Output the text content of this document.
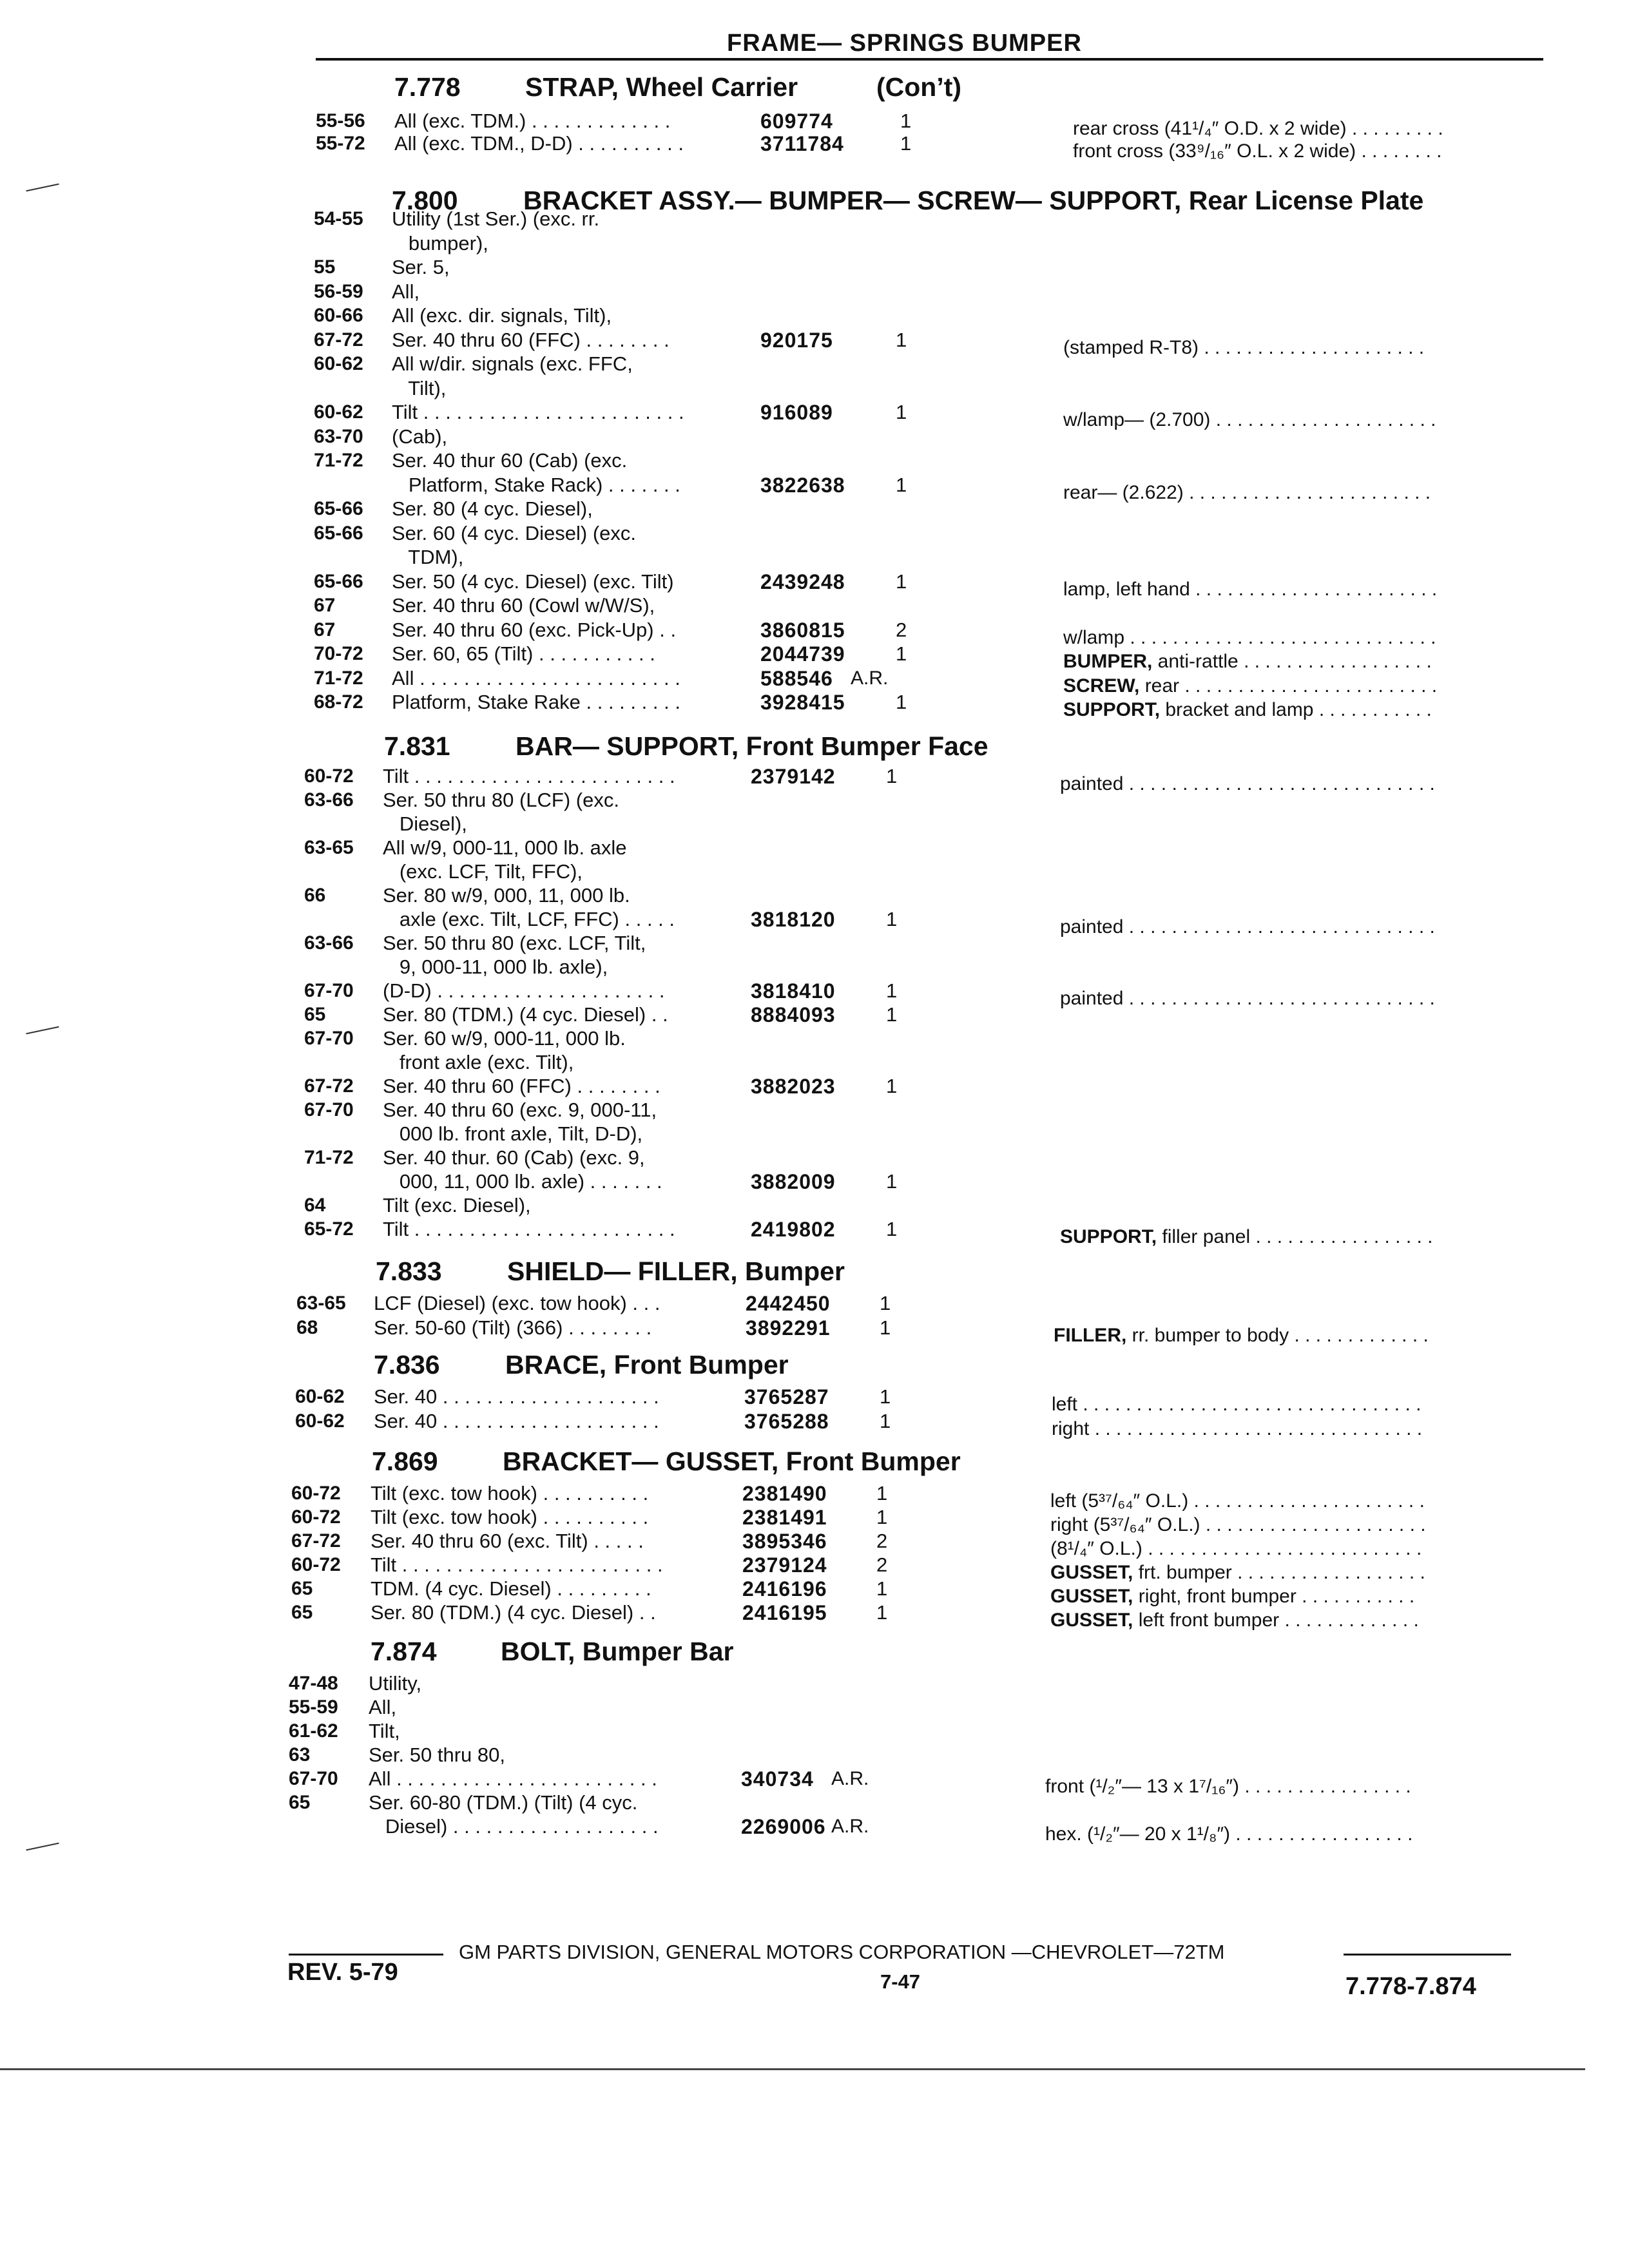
FRAME— SPRINGS BUMPER
7.778 STRAP, Wheel Carrier	(Con’t)
55-56 All (exc. TDM.) . . . . . . . . . . . . .	609774	1	rear cross (41¹/₄″ O.D. x 2 wide) . . . . . . . . .
55-72 All (exc. TDM., D-D) . . . . . . . . . .	3711784	1	front cross (33⁹/₁₆″ O.L. x 2 wide) . . . . . . . .
7.800 BRACKET ASSY.— BUMPER— SCREW— SUPPORT, Rear License Plate
54-55 Utility (1st Ser.) (exc. rr.
bumper),
55	Ser. 5,
56-59 All,
60-66 All (exc. dir. signals, Tilt),
67-72 Ser. 40 thru 60 (FFC) . . . . . . . .	920175	1	(stamped R-T8) . . . . . . . . . . . . . . . . . . . . .
60-62 All w/dir. signals (exc. FFC,
Tilt),
60-62 Tilt . . . . . . . . . . . . . . . . . . . . . . . .	916089	1	w/lamp— (2.700) . . . . . . . . . . . . . . . . . . . . .
63-70 (Cab),
71-72 Ser. 40 thur 60 (Cab) (exc.
Platform, Stake Rack) . . . . . . .	3822638	1	rear— (2.622) . . . . . . . . . . . . . . . . . . . . . . .
65-66 Ser. 80 (4 cyc. Diesel),
65-66 Ser. 60 (4 cyc. Diesel) (exc.
TDM),
65-66 Ser. 50 (4 cyc. Diesel) (exc. Tilt)	2439248	1	lamp, left hand . . . . . . . . . . . . . . . . . . . . . . .
67	Ser. 40 thru 60 (Cowl w/W/S),
67	Ser. 40 thru 60 (exc. Pick-Up) . .	3860815	2	w/lamp . . . . . . . . . . . . . . . . . . . . . . . . . . . . .
70-72 Ser. 60, 65 (Tilt) . . . . . . . . . . .	2044739	1	BUMPER, anti-rattle . . . . . . . . . . . . . . . . . .
71-72 All . . . . . . . . . . . . . . . . . . . . . . . .	588546 A.R.	SCREW, rear . . . . . . . . . . . . . . . . . . . . . . . .
68-72 Platform, Stake Rake . . . . . . . . .	3928415	1	SUPPORT, bracket and lamp . . . . . . . . . . .
7.831 BAR— SUPPORT, Front Bumper Face
60-72 Tilt . . . . . . . . . . . . . . . . . . . . . . . .	2379142	1	painted . . . . . . . . . . . . . . . . . . . . . . . . . . . . .
63-66 Ser. 50 thru 80 (LCF) (exc.
Diesel),
63-65 All w/9, 000-11, 000 lb. axle
(exc. LCF, Tilt, FFC),
66	Ser. 80 w/9, 000, 11, 000 lb.
axle (exc. Tilt, LCF, FFC) . . . . .	3818120	1	painted . . . . . . . . . . . . . . . . . . . . . . . . . . . . .
63-66 Ser. 50 thru 80 (exc. LCF, Tilt,
9, 000-11, 000 lb. axle),
67-70 (D-D) . . . . . . . . . . . . . . . . . . . . .	3818410	1	painted . . . . . . . . . . . . . . . . . . . . . . . . . . . . .
65	Ser. 80 (TDM.) (4 cyc. Diesel) . .	8884093	1
67-70 Ser. 60 w/9, 000-11, 000 lb.
front axle (exc. Tilt),
67-72 Ser. 40 thru 60 (FFC) . . . . . . . .	3882023	1
67-70 Ser. 40 thru 60 (exc. 9, 000-11,
000 lb. front axle, Tilt, D-D),
71-72 Ser. 40 thur. 60 (Cab) (exc. 9,
000, 11, 000 lb. axle) . . . . . . .	3882009	1
64	Tilt (exc. Diesel),
65-72 Tilt . . . . . . . . . . . . . . . . . . . . . . . .	2419802	1	SUPPORT, filler panel . . . . . . . . . . . . . . . . .
7.833 SHIELD— FILLER, Bumper
63-65 LCF (Diesel) (exc. tow hook) . . .	2442450 1
68	Ser. 50-60 (Tilt) (366) . . . . . . . .	3892291 1	FILLER, rr. bumper to body . . . . . . . . . . . . .
7.836 BRACE, Front Bumper
60-62 Ser. 40 . . . . . . . . . . . . . . . . . . . .	3765287	1	left . . . . . . . . . . . . . . . . . . . . . . . . . . . . . . . .
60-62 Ser. 40 . . . . . . . . . . . . . . . . . . . .	3765288	1	right . . . . . . . . . . . . . . . . . . . . . . . . . . . . . . .
7.869 BRACKET— GUSSET, Front Bumper
60-72 Tilt (exc. tow hook) . . . . . . . . . .	2381490 1	left (5³⁷/₆₄″ O.L.) . . . . . . . . . . . . . . . . . . . . . .
60-72 Tilt (exc. tow hook) . . . . . . . . . .	2381491 1	right (5³⁷/₆₄″ O.L.) . . . . . . . . . . . . . . . . . . . . .
67-72 Ser. 40 thru 60 (exc. Tilt) . . . . .	3895346 2	(8¹/₄″ O.L.) . . . . . . . . . . . . . . . . . . . . . . . . . .
60-72 Tilt . . . . . . . . . . . . . . . . . . . . . . . .	2379124 2	GUSSET, frt. bumper . . . . . . . . . . . . . . . . . .
65	TDM. (4 cyc. Diesel) . . . . . . . . .	2416196 1	GUSSET, right, front bumper . . . . . . . . . . .
65	Ser. 80 (TDM.) (4 cyc. Diesel) . .	2416195 1	GUSSET, left front bumper . . . . . . . . . . . . .
7.874 BOLT, Bumper Bar
47-48 Utility,
55-59 All,
61-62 Tilt,
63	Ser. 50 thru 80,
67-70 All . . . . . . . . . . . . . . . . . . . . . . . .	340734 A.R.	front (¹/₂″— 13 x 1⁷/₁₆″) . . . . . . . . . . . . . . . .
65	Ser. 60-80 (TDM.) (Tilt) (4 cyc.
Diesel) . . . . . . . . . . . . . . . . . . .	2269006 A.R.	hex. (¹/₂″— 20 x 1¹/₈″) . . . . . . . . . . . . . . . . .
GM PARTS DIVISION, GENERAL MOTORS CORPORATION —CHEVROLET—72TM
REV. 5-79	7-47	7.778-7.874
